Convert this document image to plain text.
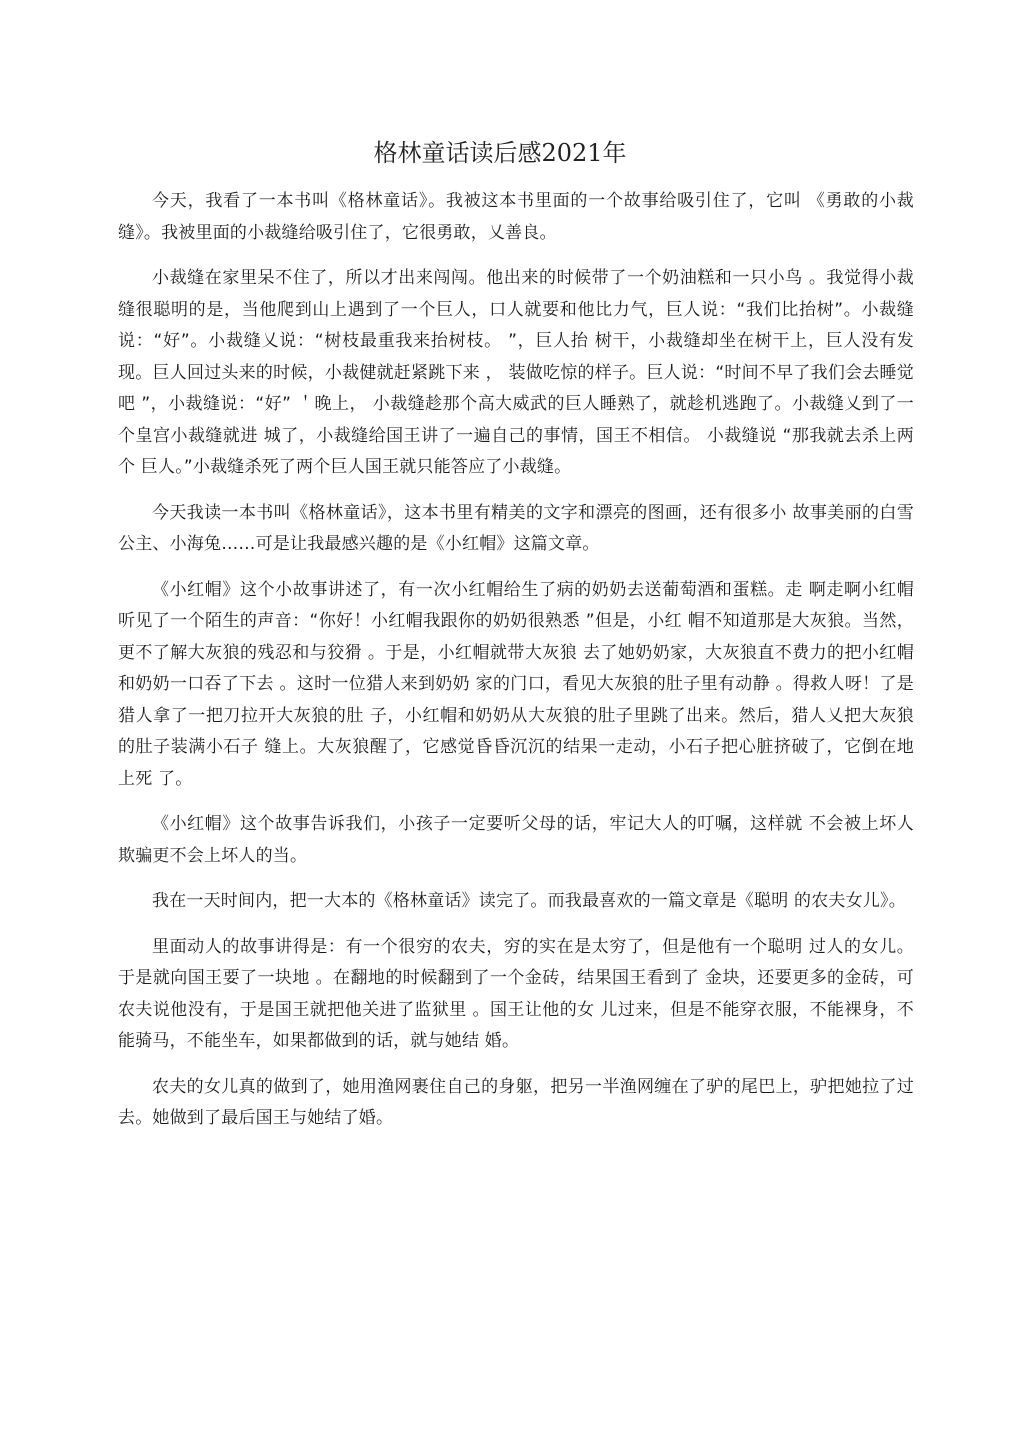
格林童话读后感2021年

今天，我看了一本书叫《格林童话》。我被这本书里面的一个故事给吸引住了，它叫 《勇敢的小裁缝》。我被里面的小裁缝给吸引住了，它很勇敢，乂善良。

小裁缝在家里呆不住了，所以才出来闯闯。他出来的时候带了一个奶油糕和一只小鸟 。我觉得小裁缝很聪明的是，当他爬到山上遇到了一个巨人，口人就要和他比力气，巨人说：“我们比抬树”。小裁缝说：“好”。小裁缝乂说：“树枝最重我来抬树枝。 ”，巨人抬 树干，小裁缝却坐在树干上，巨人没有发现。巨人回过头来的时候，小裁健就赶紧跳下来 ， 装做吃惊的样子。巨人说：“时间不早了我们会去睡觉吧 ”，小裁缝说：“好” ＇晚上， 小裁缝趁那个高大威武的巨人睡熟了，就趁机逃跑了。小裁缝乂到了一个皇宫小裁缝就进 城了，小裁缝给国王讲了一遍自己的事情，国王不相信。 小裁缝说 “那我就去杀上两个 巨人。”小裁缝杀死了两个巨人国王就只能答应了小裁缝。

今天我读一本书叫《格林童话》，这本书里有精美的文字和漂亮的图画，还有很多小 故事美丽的白雪公主、小海兔……可是让我最感兴趣的是《小红帽》这篇文章。

《小红帽》这个小故事讲述了，有一次小红帽给生了病的奶奶去送葡萄酒和蛋糕。走 啊走啊小红帽听见了一个陌生的声音：“你好！小红帽我跟你的奶奶很熟悉 ”但是，小红 帽不知道那是大灰狼。当然，更不了解大灰狼的残忍和与狡猾 。于是，小红帽就带大灰狼 去了她奶奶家，大灰狼直不费力的把小红帽和奶奶一口吞了下去 。这时一位猎人来到奶奶 家的门口，看见大灰狼的肚子里有动静 。得救人呀！了是猎人拿了一把刀拉开大灰狼的肚 子，小红帽和奶奶从大灰狼的肚子里跳了出来。然后，猎人乂把大灰狼的肚子装满小石子 缝上。大灰狼醒了，它感觉昏昏沉沉的结果一走动，小石子把心脏挤破了，它倒在地上死 了。

《小红帽》这个故事告诉我们，小孩子一定要听父母的话，牢记大人的叮嘱，这样就 不会被上坏人欺骗更不会上坏人的当。

我在一天时间内，把一大本的《格林童话》读完了。而我最喜欢的一篇文章是《聪明 的农夫女儿》。

里面动人的故事讲得是：有一个很穷的农夫，穷的实在是太穷了，但是他有一个聪明 过人的女儿。于是就向国王要了一块地 。在翻地的时候翻到了一个金砖，结果国王看到了 金块，还要更多的金砖，可农夫说他没有，于是国王就把他关进了监狱里 。国王让他的女 儿过来，但是不能穿衣服，不能裸身，不能骑马，不能坐车，如果都做到的话，就与她结 婚。

农夫的女儿真的做到了，她用渔网裹住自己的身躯，把另一半渔网缠在了驴的尾巴上，驴把她拉了过去。她做到了最后国王与她结了婚。
